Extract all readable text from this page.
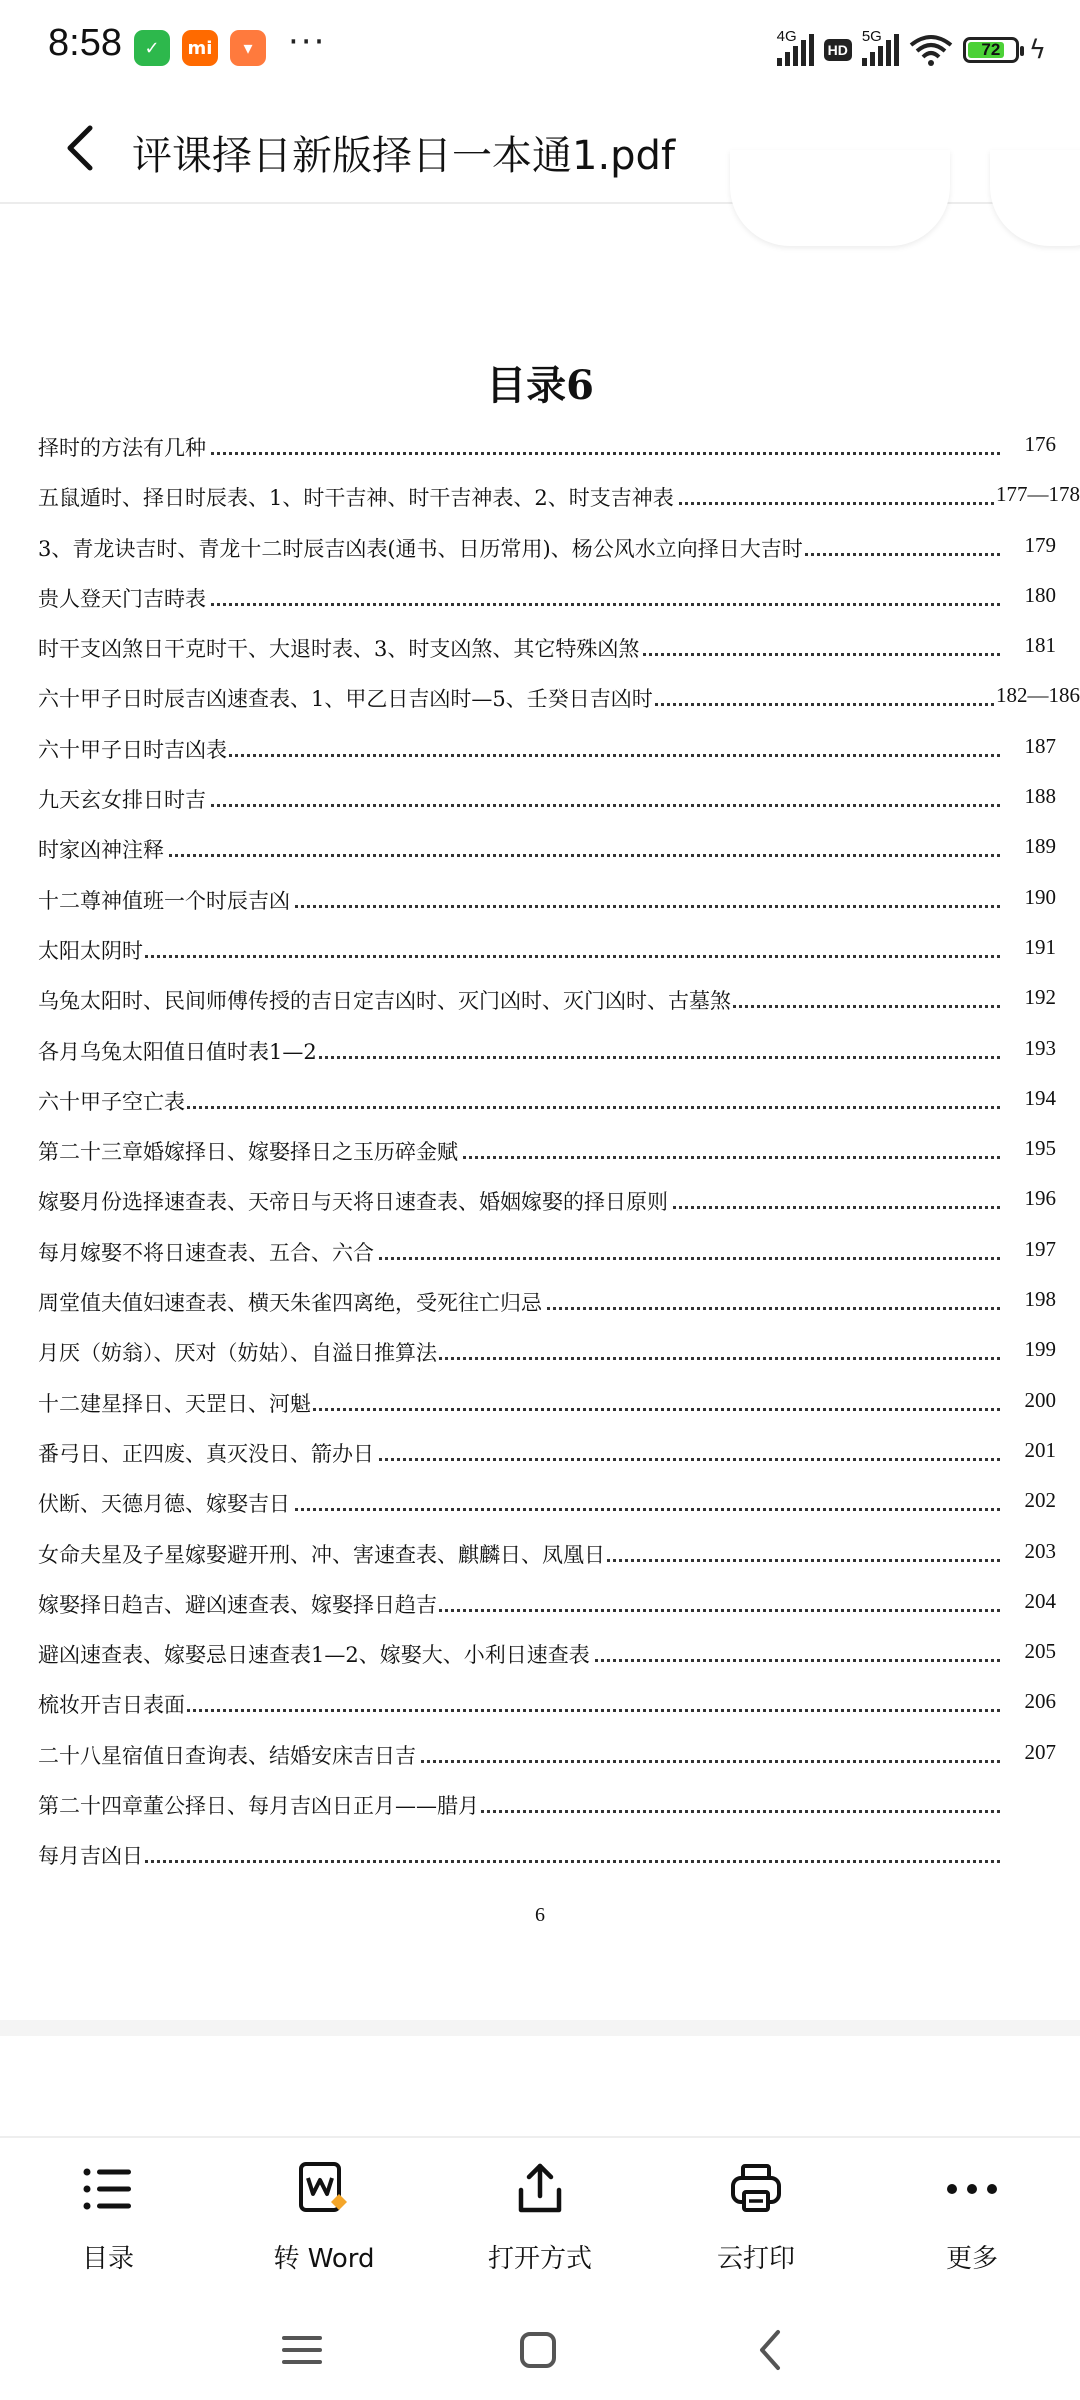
8:58	✓	mi	▾	···	4G
HD
5G
72	ϟ
评课择日新版择日一本通1.pdf
目录6
择时的方法有几种	176
五鼠遁时、择日时辰表、1、时干吉神、时干吉神表、2、时支吉神表	177—178
3、青龙诀吉时、青龙十二时辰吉凶表(通书、日历常用)、杨公风水立向择日大吉时	179
贵人登天门吉時表	180
时干支凶煞日干克时干、大退时表、3、时支凶煞、其它特殊凶煞	181
六十甲子日时辰吉凶速查表、1、甲乙日吉凶时—5、壬癸日吉凶时	182—186
六十甲子日时吉凶表	187
九天玄女排日时吉	188
时家凶神注释	189
十二尊神值班一个时辰吉凶	190
太阳太阴时	191
乌兔太阳时、民间师傅传授的吉日定吉凶时、灭门凶时、灭门凶时、古墓煞	192
各月乌兔太阳值日值时表1—2	193
六十甲子空亡表	194
第二十三章婚嫁择日、嫁娶择日之玉历碎金赋	195
嫁娶月份选择速查表、天帝日与天将日速查表、婚姻嫁娶的择日原则	196
每月嫁娶不将日速查表、五合、六合	197
周堂值夫值妇速查表、横天朱雀四离绝，受死往亡归忌	198
月厌（妨翁）、厌对（妨姑）、自溢日推算法	199
十二建星择日、天罡日、河魁	200
番弓日、正四废、真灭没日、箭办日	201
伏断、天德月德、嫁娶吉日	202
女命夫星及子星嫁娶避开刑、冲、害速查表、麒麟日、凤凰日	203
嫁娶择日趋吉、避凶速查表、嫁娶择日趋吉	204
避凶速查表、嫁娶忌日速查表1—2、嫁娶大、小利日速查表	205
梳妆开吉日表面	206
二十八星宿值日查询表、结婚安床吉日吉	207
第二十四章董公择日、每月吉凶日正月——腊月
每月吉凶日
6
目录	转 Word	打开方式	云打印	更多
